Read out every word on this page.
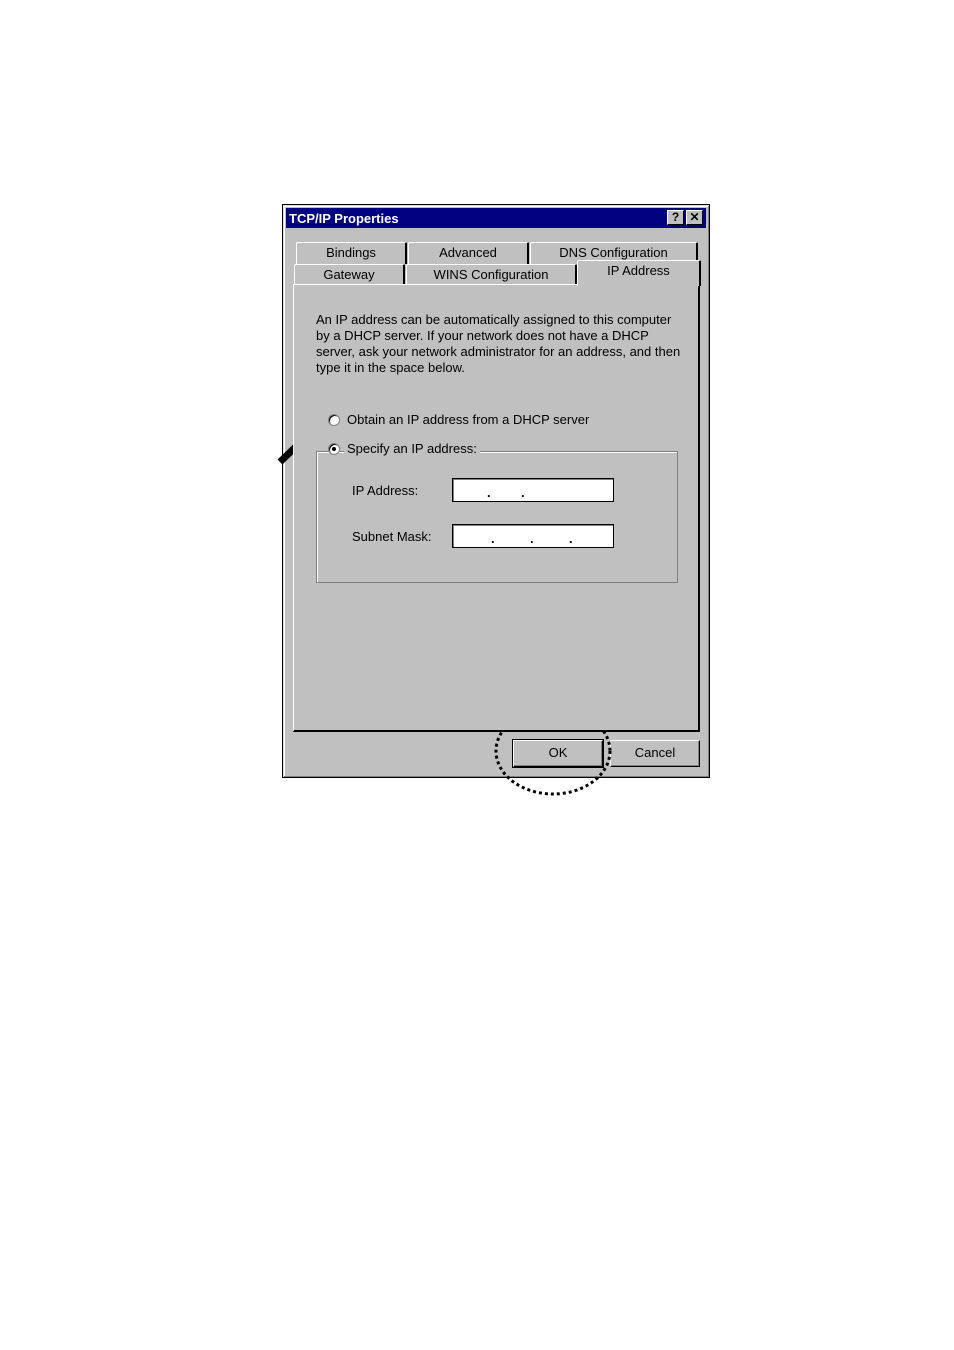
TCP/IP Properties	? ✕
Bindings	Advanced	DNS Configuration
Gateway	WINS Configuration	IP Address
An IP address can be automatically assigned to this computer by a DHCP server. If your network does not have a DHCP server, ask your network administrator for an address, and then type it in the space below.
Obtain an IP address from a DHCP server
Specify an IP address:
IP Address:	. .
Subnet Mask:	.	.	.
OK	Cancel
